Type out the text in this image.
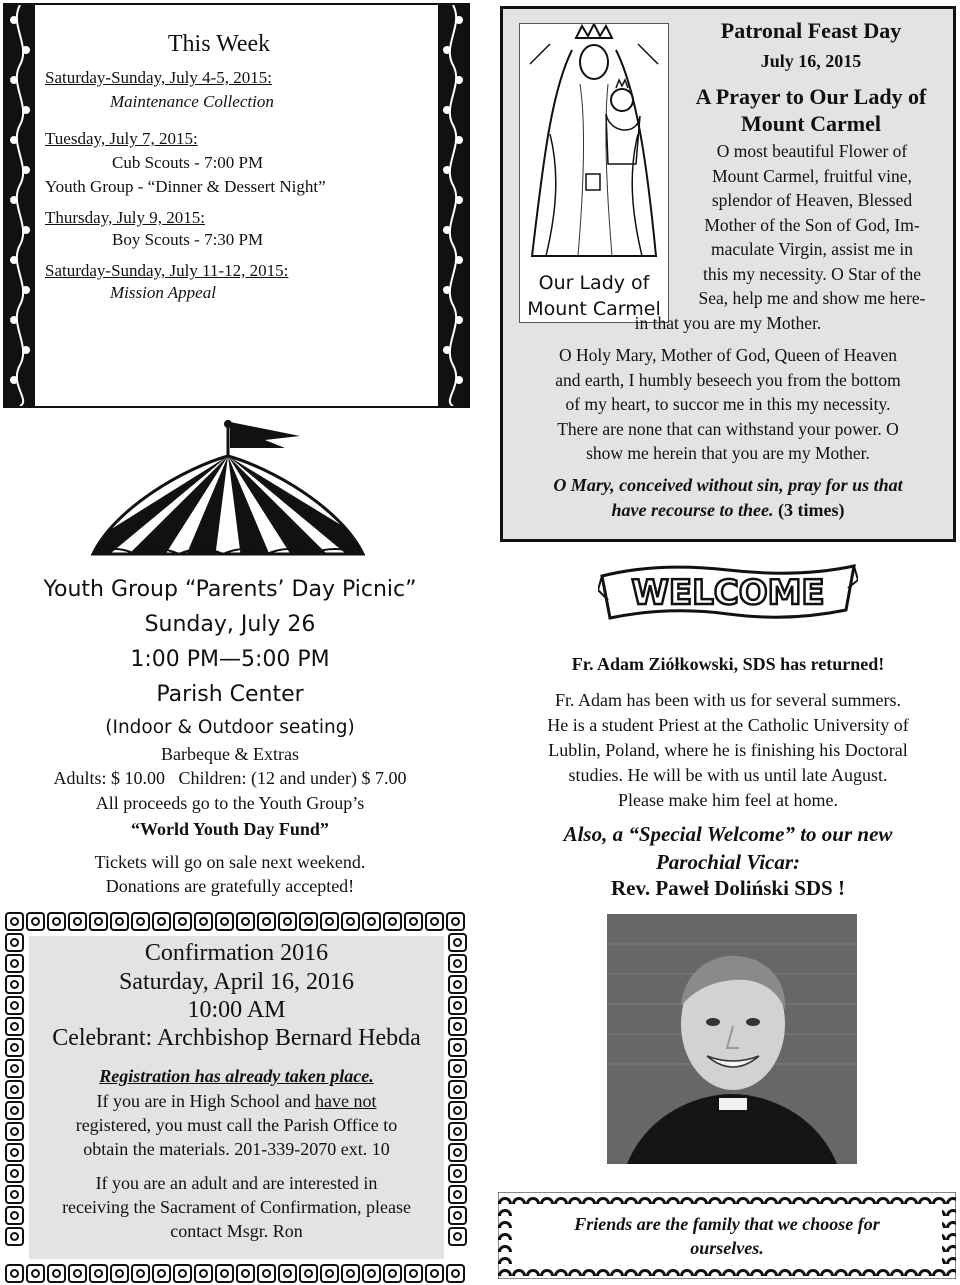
This Week
Saturday-Sunday, July 4-5, 2015:
Maintenance Collection
Tuesday, July 7, 2015:
Cub Scouts - 7:00 PM
Youth Group - “Dinner & Dessert Night”
Thursday, July 9, 2015:
Boy Scouts - 7:30 PM
Saturday-Sunday, July 11-12, 2015:
Mission Appeal	Our Lady of
Mount Carmel
Patronal Feast Day
July 16, 2015
A Prayer to Our Lady of
Mount Carmel
O most beautiful Flower of
Mount Carmel, fruitful vine,
splendor of Heaven, Blessed
Mother of the Son of God, Im-
maculate Virgin, assist me in
this my necessity. O Star of the
Sea, help me and show me here-
in that you are my Mother.
O Holy Mary, Mother of God, Queen of Heaven
and earth, I humbly beseech you from the bottom
of my heart, to succor me in this my necessity.
There are none that can withstand your power. O
show me herein that you are my Mother.
O Mary, conceived without sin, pray for us that
have recourse to thee. (3 times)
Youth Group “Parents’ Day Picnic”
Sunday, July 26
1:00 PM—5:00 PM
Parish Center
(Indoor & Outdoor seating)
Barbeque & Extras
Adults: $ 10.00 Children: (12 and under) $ 7.00
All proceeds go to the Youth Group’s
“World Youth Day Fund”
Tickets will go on sale next weekend.
Donations are gratefully accepted!
Confirmation 2016
Saturday, April 16, 2016
10:00 AM
Celebrant: Archbishop Bernard Hebda
Registration has already taken place.
If you are in High School and have not
registered, you must call the Parish Office to
obtain the materials. 201-339-2070 ext. 10
If you are an adult and are interested in
receiving the Sacrament of Confirmation, please
contact Msgr. Ron
WELCOME
Fr. Adam Ziółkowski, SDS has returned!
Fr. Adam has been with us for several summers.
He is a student Priest at the Catholic University of
Lublin, Poland, where he is finishing his Doctoral
studies. He will be with us until late August.
Please make him feel at home.
Also, a “Special Welcome” to our new
Parochial Vicar:
Rev. Paweł Doliński SDS !
Friends are the family that we choose for
ourselves.
